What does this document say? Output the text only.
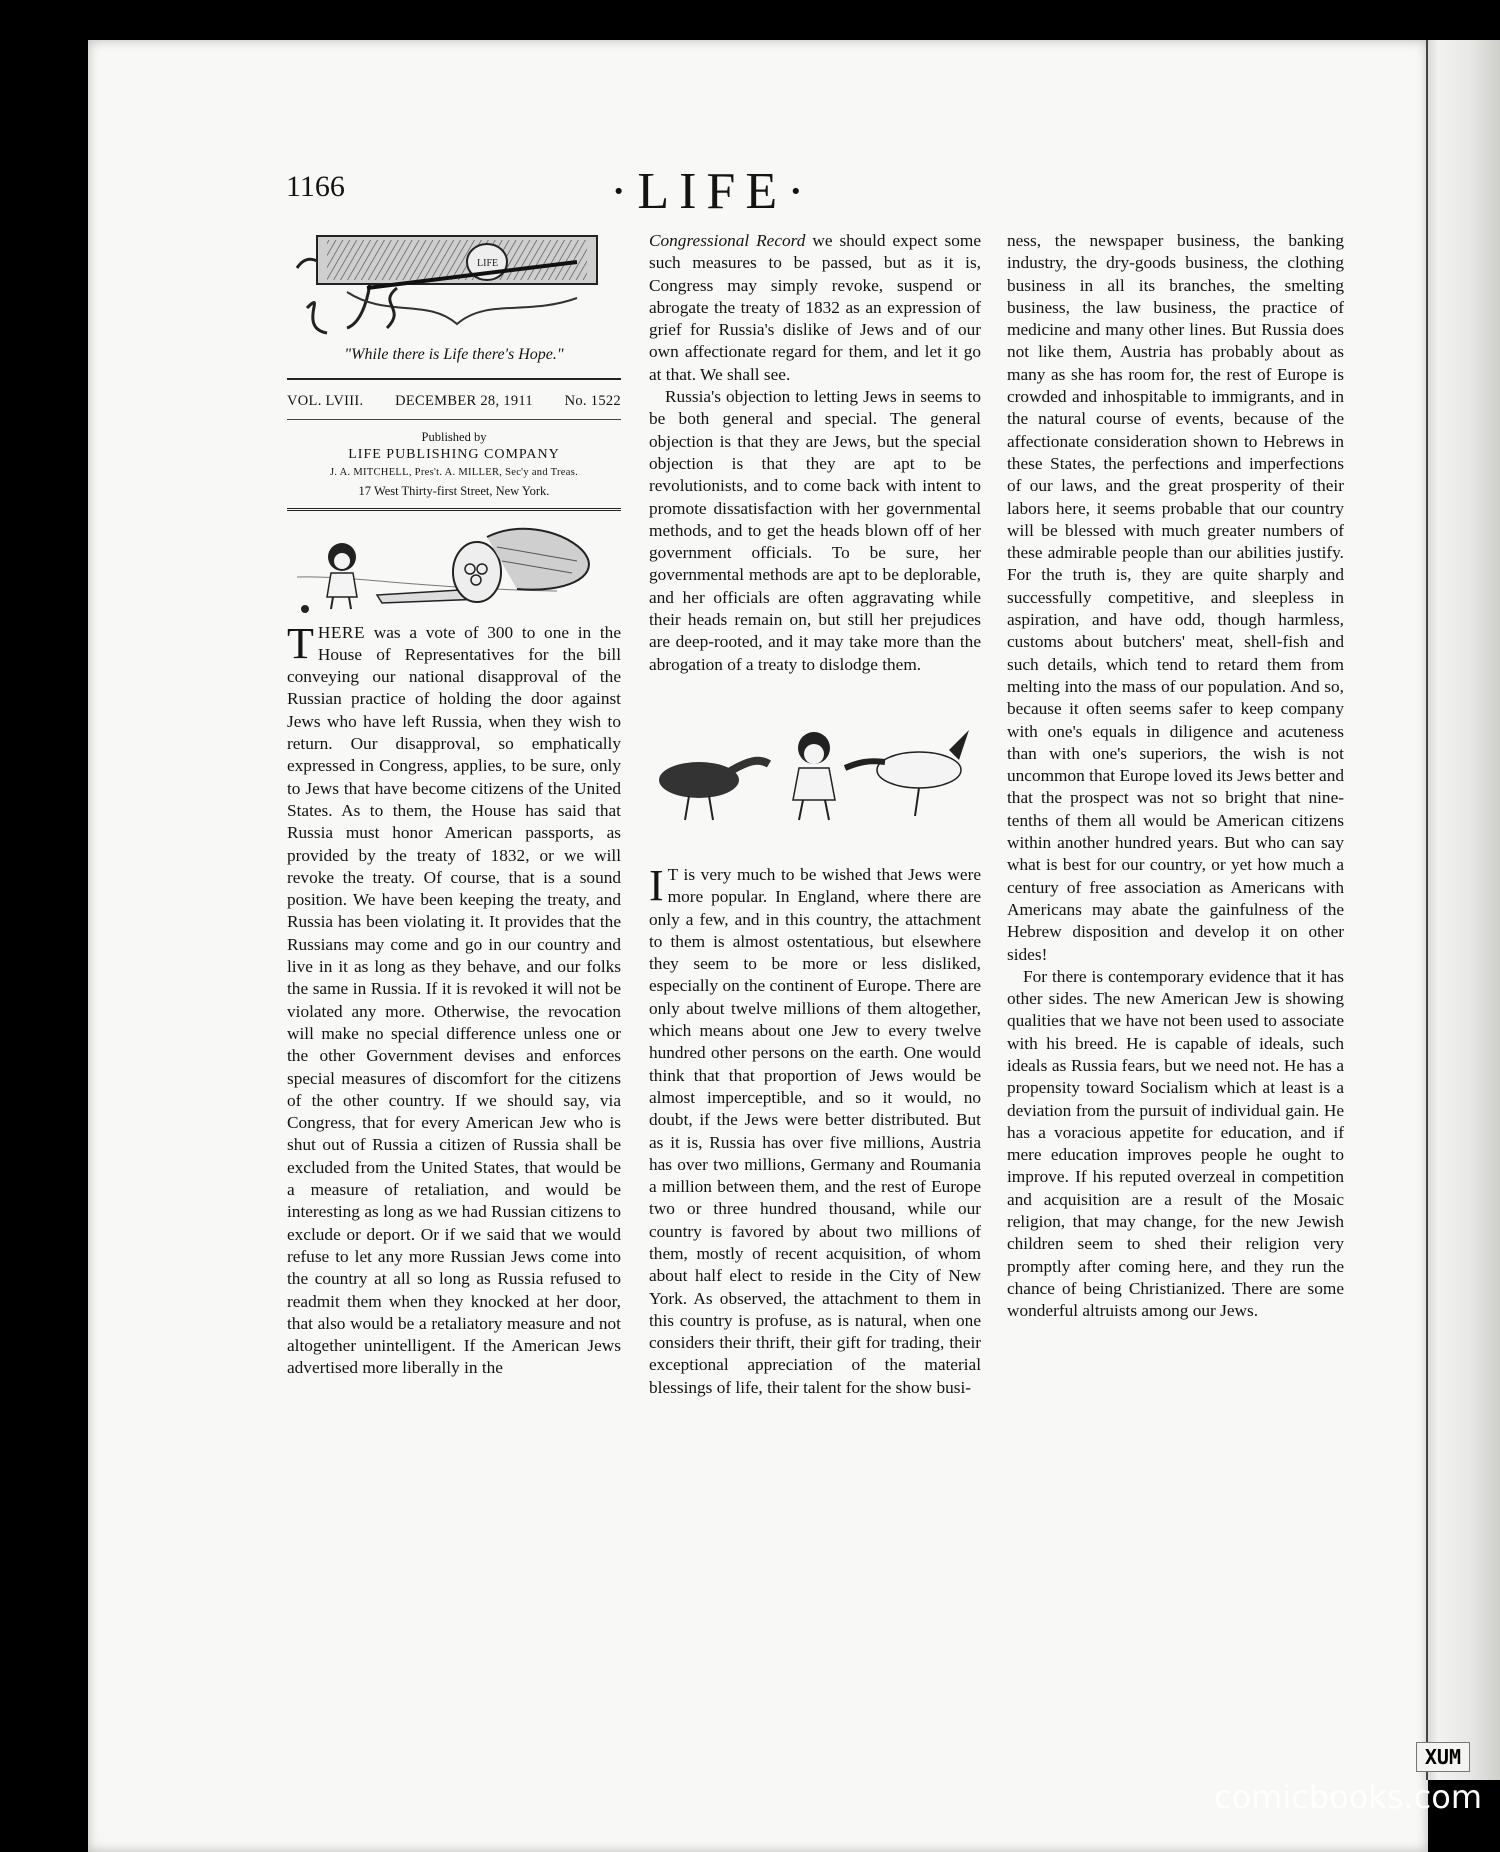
1166	·LIFE·
LIFE
"While there is Life there's Hope."
VOL. LVIII. DECEMBER 28, 1911 No. 1522
Published by
LIFE PUBLISHING COMPANY
J. A. MITCHELL, Pres't. A. MILLER, Sec'y and Treas.
17 West Thirty-first Street, New York.

THERE was a vote of 300 to one in the House of Representatives for the bill conveying our national disapproval of the Russian practice of holding the door against Jews who have left Russia, when they wish to return. Our disapproval, so emphatically expressed in Congress, applies, to be sure, only to Jews that have become citizens of the United States. As to them, the House has said that Russia must honor American passports, as provided by the treaty of 1832, or we will revoke the treaty. Of course, that is a sound position. We have been keeping the treaty, and Russia has been violating it. It provides that the Russians may come and go in our country and live in it as long as they behave, and our folks the same in Russia. If it is revoked it will not be violated any more. Otherwise, the revocation will make no special difference unless one or the other Government devises and enforces special measures of discomfort for the citizens of the other country. If we should say, via Congress, that for every American Jew who is shut out of Russia a citizen of Russia shall be excluded from the United States, that would be a measure of retaliation, and would be interesting as long as we had Russian citizens to exclude or deport. Or if we said that we would refuse to let any more Russian Jews come into the country at all so long as Russia refused to readmit them when they knocked at her door, that also would be a retaliatory measure and not altogether unintelligent. If the American Jews advertised more liberally in the

Congressional Record we should expect some such measures to be passed, but as it is, Congress may simply revoke, suspend or abrogate the treaty of 1832 as an expression of grief for Russia's dislike of Jews and of our own affectionate regard for them, and let it go at that. We shall see.

Russia's objection to letting Jews in seems to be both general and special. The general objection is that they are Jews, but the special objection is that they are apt to be revolutionists, and to come back with intent to promote dissatisfaction with her governmental methods, and to get the heads blown off of her government officials. To be sure, her governmental methods are apt to be deplorable, and her officials are often aggravating while their heads remain on, but still her prejudices are deep-rooted, and it may take more than the abrogation of a treaty to dislodge them.

I T is very much to be wished that Jews were more popular. In England, where there are only a few, and in this country, the attachment to them is almost ostentatious, but elsewhere they seem to be more or less disliked, especially on the continent of Europe. There are only about twelve millions of them altogether, which means about one Jew to every twelve hundred other persons on the earth. One would think that that proportion of Jews would be almost imperceptible, and so it would, no doubt, if the Jews were better distributed. But as it is, Russia has over five millions, Austria has over two millions, Germany and Roumania a million between them, and the rest of Europe two or three hundred thousand, while our country is favored by about two millions of them, mostly of recent acquisition, of whom about half elect to reside in the City of New York. As observed, the attachment to them in this country is profuse, as is natural, when one considers their thrift, their gift for trading, their exceptional appreciation of the material blessings of life, their talent for the show busi-

ness, the newspaper business, the banking industry, the dry-goods business, the clothing business in all its branches, the smelting business, the law business, the practice of medicine and many other lines. But Russia does not like them, Austria has probably about as many as she has room for, the rest of Europe is crowded and inhospitable to immigrants, and in the natural course of events, because of the affectionate consideration shown to Hebrews in these States, the perfections and imperfections of our laws, and the great prosperity of their labors here, it seems probable that our country will be blessed with much greater numbers of these admirable people than our abilities justify. For the truth is, they are quite sharply and successfully competitive, and sleepless in aspiration, and have odd, though harmless, customs about butchers' meat, shell-fish and such details, which tend to retard them from melting into the mass of our population. And so, because it often seems safer to keep company with one's equals in diligence and acuteness than with one's superiors, the wish is not uncommon that Europe loved its Jews better and that the prospect was not so bright that nine-tenths of them all would be American citizens within another hundred years. But who can say what is best for our country, or yet how much a century of free association as Americans with Americans may abate the gainfulness of the Hebrew disposition and develop it on other sides!

For there is contemporary evidence that it has other sides. The new American Jew is showing qualities that we have not been used to associate with his breed. He is capable of ideals, such ideals as Russia fears, but we need not. He has a propensity toward Socialism which at least is a deviation from the pursuit of individual gain. He has a voracious appetite for education, and if mere education improves people he ought to improve. If his reputed overzeal in competition and acquisition are a result of the Mosaic religion, that may change, for the new Jewish children seem to shed their religion very promptly after coming here, and they run the chance of being Christianized. There are some wonderful altruists among our Jews.

XUM
comicbooks.com
